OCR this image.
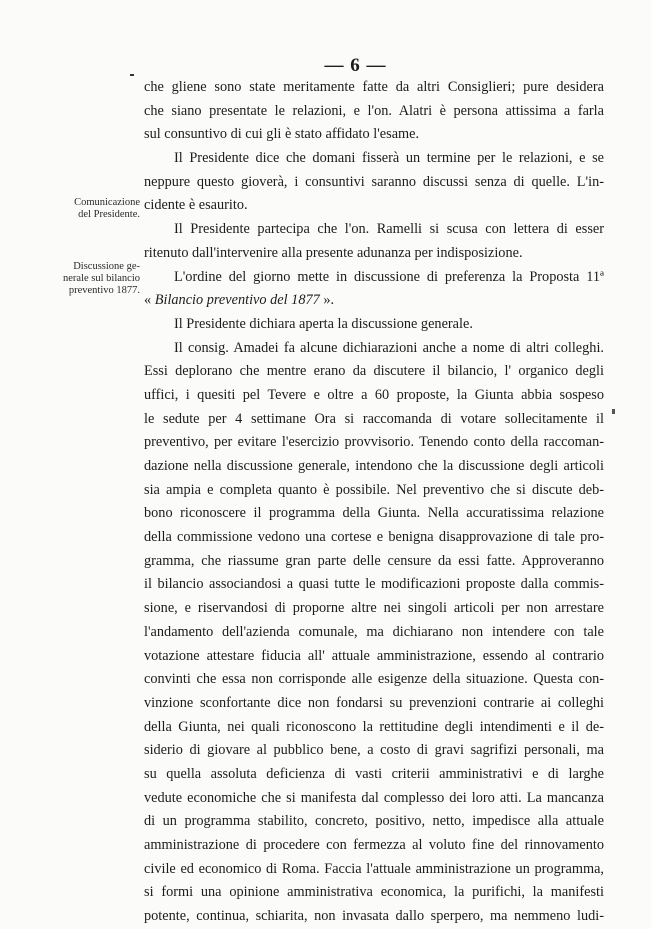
— 6 —
Comunicazione
del Presidente.
Discussione ge-
nerale sul bilancio
preventivo 1877.
che gliene sono state meritamente fatte da altri Consiglieri; pure desidera
che siano presentate le relazioni, e l'on. Alatri è persona attissima a farla
sul consuntivo di cui gli è stato affidato l'esame.
Il Presidente dice che domani fisserà un termine per le relazioni, e se
neppure questo gioverà, i consuntivi saranno discussi senza di quelle. L'in-
cidente è esaurito.
Il Presidente partecipa che l'on. Ramelli si scusa con lettera di esser
ritenuto dall'intervenire alla presente adunanza per indisposizione.
L'ordine del giorno mette in discussione di preferenza la Proposta 11ª
« Bilancio preventivo del 1877 ».
Il Presidente dichiara aperta la discussione generale.
Il consig. Amadei fa alcune dichiarazioni anche a nome di altri colleghi.
Essi deplorano che mentre erano da discutere il bilancio, l' organico degli
uffici, i quesiti pel Tevere e oltre a 60 proposte, la Giunta abbia sospeso
le sedute per 4 settimane Ora si raccomanda di votare sollecitamente il
preventivo, per evitare l'esercizio provvisorio. Tenendo conto della raccoman-
dazione nella discussione generale, intendono che la discussione degli articoli
sia ampia e completa quanto è possibile. Nel preventivo che si discute deb-
bono riconoscere il programma della Giunta. Nella accuratissima relazione
della commissione vedono una cortese e benigna disapprovazione di tale pro-
gramma, che riassume gran parte delle censure da essi fatte. Approveranno
il bilancio associandosi a quasi tutte le modificazioni proposte dalla commis-
sione, e riservandosi di proporne altre nei singoli articoli per non arrestare
l'andamento dell'azienda comunale, ma dichiarano non intendere con tale
votazione attestare fiducia all' attuale amministrazione, essendo al contrario
convinti che essa non corrisponde alle esigenze della situazione. Questa con-
vinzione sconfortante dice non fondarsi su prevenzioni contrarie ai colleghi
della Giunta, nei quali riconoscono la rettitudine degli intendimenti e il de-
siderio di giovare al pubblico bene, a costo di gravi sagrifizi personali, ma
su quella assoluta deficienza di vasti criterii amministrativi e di larghe
vedute economiche che si manifesta dal complesso dei loro atti. La mancanza
di un programma stabilito, concreto, positivo, netto, impedisce alla attuale
amministrazione di procedere con fermezza al voluto fine del rinnovamento
civile ed economico di Roma. Faccia l'attuale amministrazione un programma,
si formi una opinione amministrativa economica, la purifichi, la manifesti
potente, continua, schiarita, non invasata dallo sperpero, ma nemmeno ludi-
